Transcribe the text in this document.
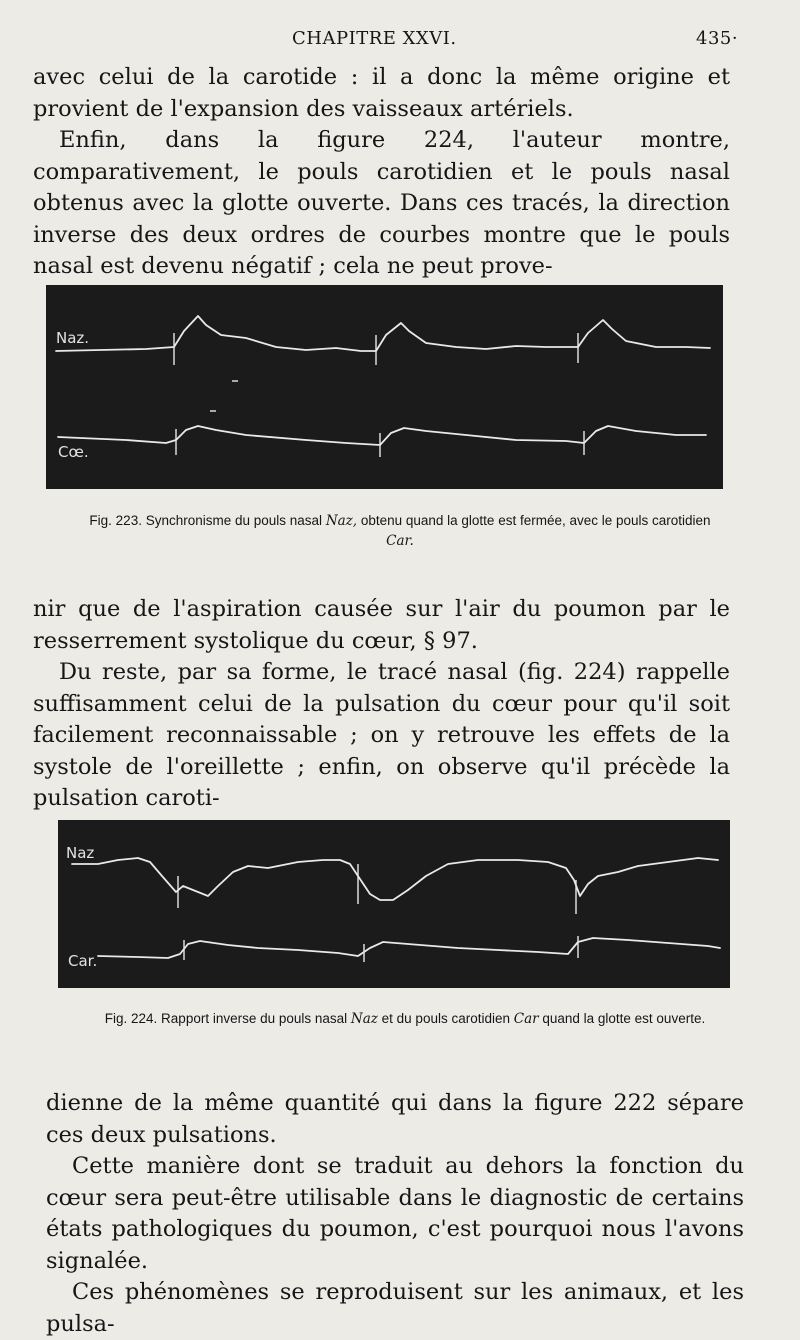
CHAPITRE XXVI.	435·

avec celui de la carotide : il a donc la même origine et provient de l'expansion des vaisseaux artériels.
Enfin, dans la figure 224, l'auteur montre, comparativement, le pouls carotidien et le pouls nasal obtenus avec la glotte ouverte. Dans ces tracés, la direction inverse des deux ordres de courbes montre que le pouls nasal est devenu négatif ; cela ne peut prove-

Naz.
Cœ.

Fig. 223. Synchronisme du pouls nasal Naz, obtenu quand la glotte est fermée, avec le pouls carotidien Car.

nir que de l'aspiration causée sur l'air du poumon par le resserrement systolique du cœur, § 97.
Du reste, par sa forme, le tracé nasal (fig. 224) rappelle suffisamment celui de la pulsation du cœur pour qu'il soit facilement reconnaissable ; on y retrouve les effets de la systole de l'oreillette ; enfin, on observe qu'il précède la pulsation caroti-

Naz
Car.

Fig. 224. Rapport inverse du pouls nasal Naz et du pouls carotidien Car quand la glotte est ouverte.

dienne de la même quantité qui dans la figure 222 sépare ces deux pulsations.
Cette manière dont se traduit au dehors la fonction du cœur sera peut-être utilisable dans le diagnostic de certains états pathologiques du poumon, c'est pourquoi nous l'avons signalée.
Ces phénomènes se reproduisent sur les animaux, et les pulsa-
